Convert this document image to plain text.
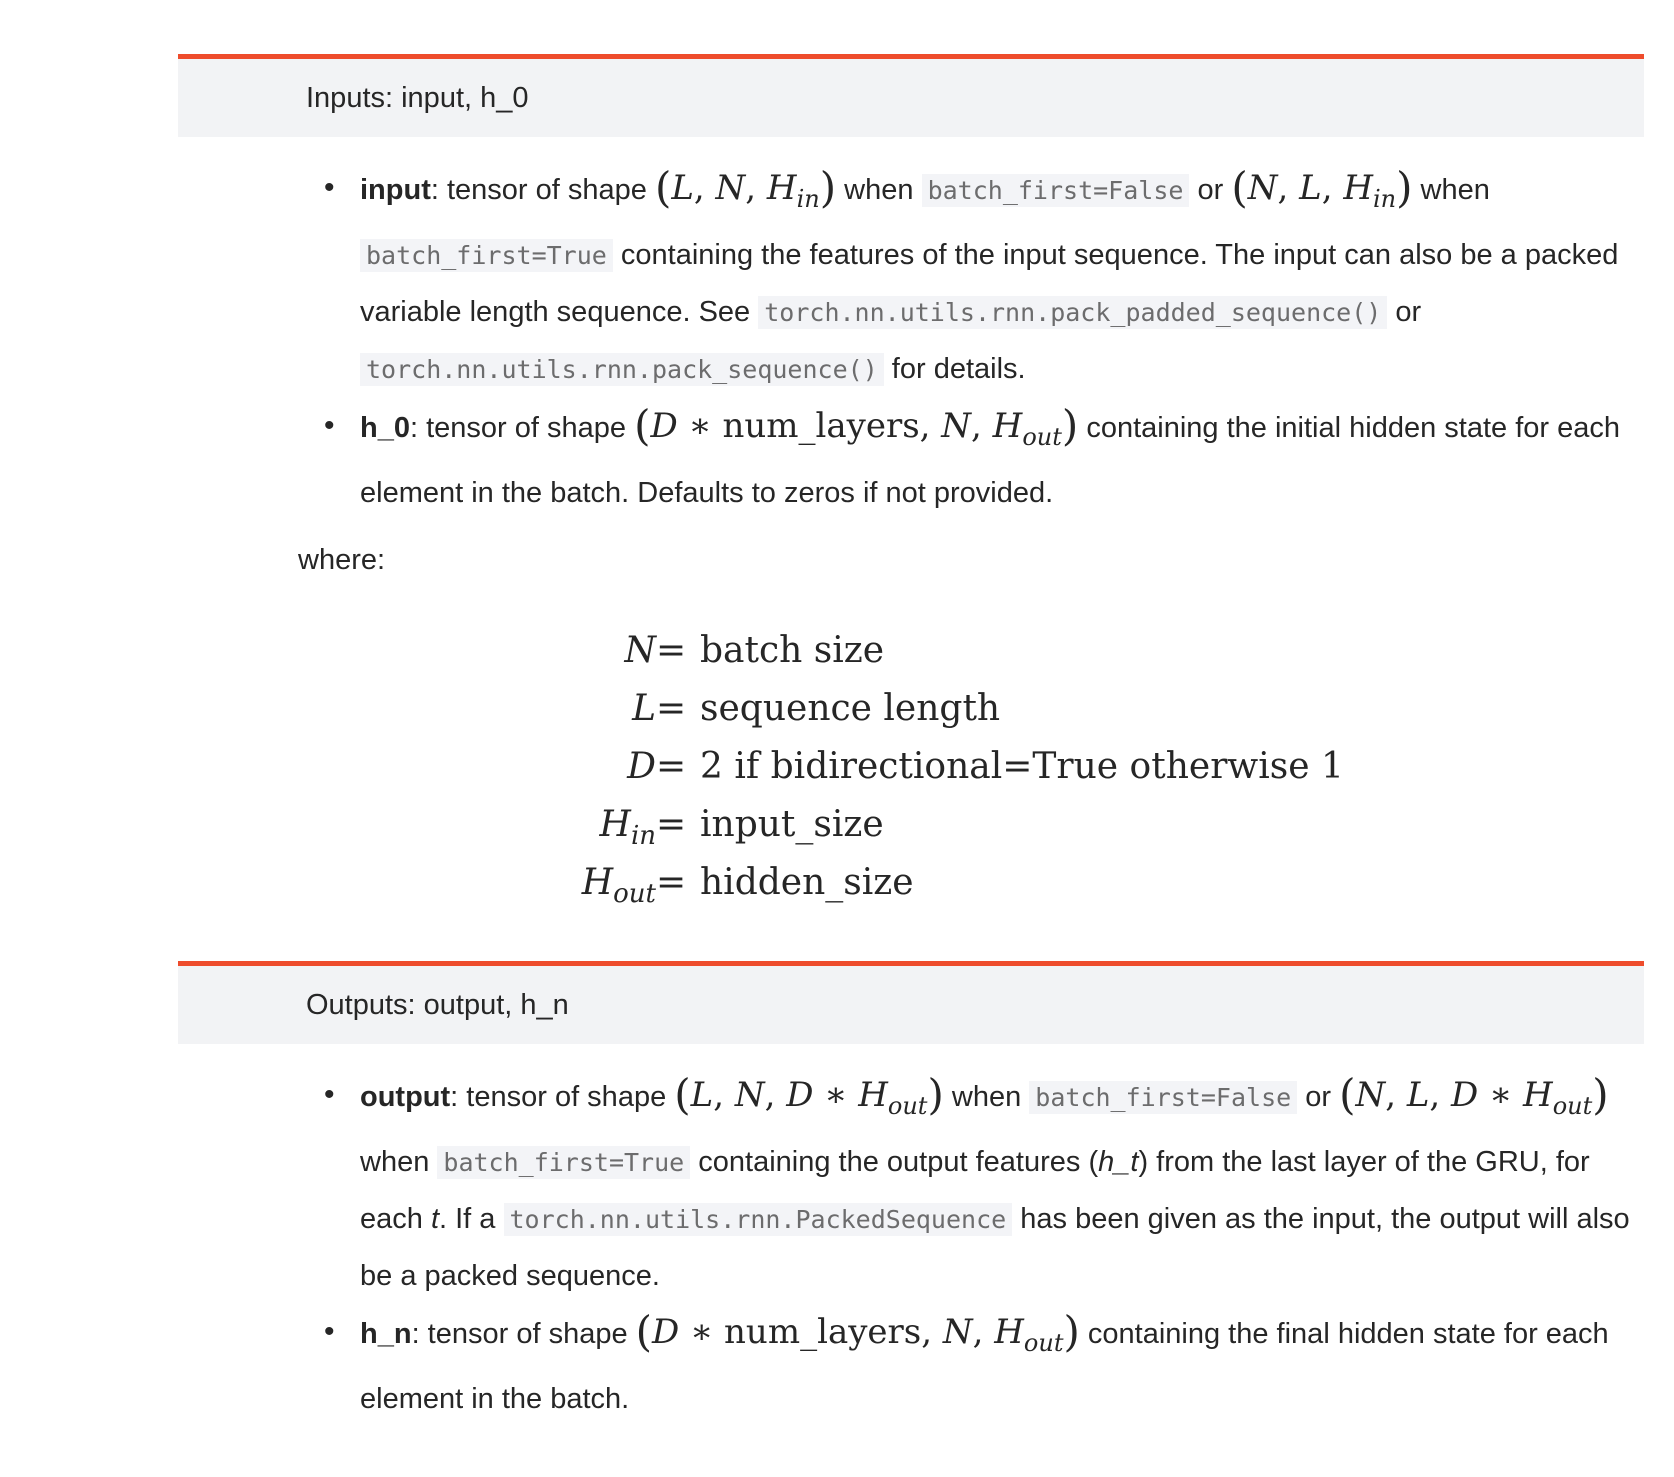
Inputs: input, h_0
• input: tensor of shape (L, N, $H_{in}$) when batch_first=False or (N, L, $H_{in}$) when
batch_first=True containing the features of the input sequence. The input can also be a packed
variable length sequence. See torch.nn.utils.rnn.pack_padded_sequence() or
torch.nn.utils.rnn.pack_sequence() for details.
• h_0: tensor of shape (D ∗ num_layers, N, $H_{out}$) containing the initial hidden state for each
element in the batch. Defaults to zeros if not provided.
where:
N = batch size
L = sequence length
D = 2 if bidirectional=True otherwise 1
$H_{in}$ = input_size
$H_{out}$ = hidden_size
Outputs: output, h_n
• output: tensor of shape (L, N, D ∗ $H_{out}$) when batch_first=False or (N, L, D ∗ $H_{out}$)
when batch_first=True containing the output features (h_t) from the last layer of the GRU, for
each t. If a torch.nn.utils.rnn.PackedSequence has been given as the input, the output will also
be a packed sequence.
• h_n: tensor of shape (D ∗ num_layers, N, $H_{out}$) containing the final hidden state for each
element in the batch.
